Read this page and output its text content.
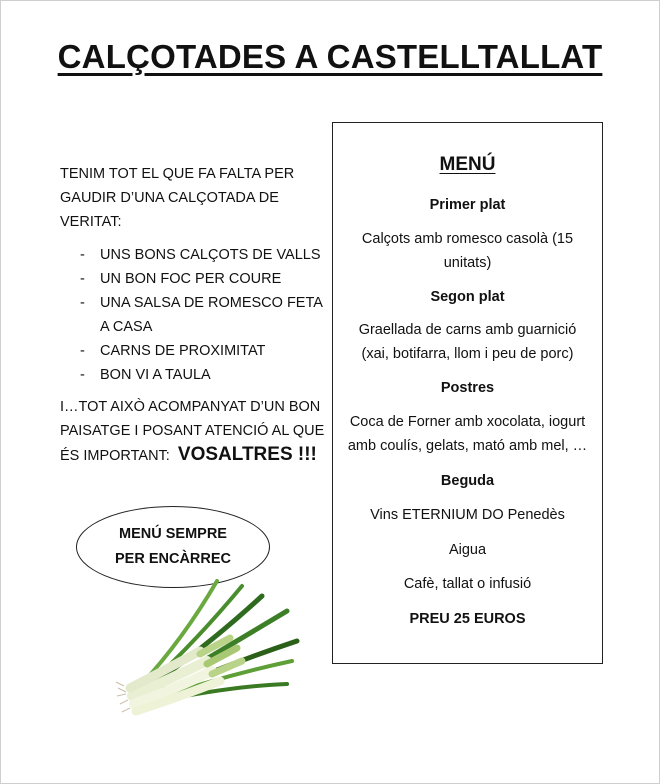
CALÇOTADES A CASTELLTALLAT
TENIM TOT EL QUE FA FALTA PER
GAUDIR D’UNA CALÇOTADA DE
VERITAT:
- UNS BONS CALÇOTS DE VALLS
- UN BON FOC PER COURE
- UNA SALSA DE ROMESCO FETA
A CASA
- CARNS DE PROXIMITAT
- BON VI A TAULA
I…TOT AIXÒ ACOMPANYAT D’UN BON
PAISATGE I POSANT ATENCIÓ AL QUE
ÉS IMPORTANT: VOSALTRES !!!
MENÚ SEMPRE
PER ENCÀRREC
MENÚ
Primer plat
Calçots amb romesco casolà (15
unitats)
Segon plat
Graellada de carns amb guarnició
(xai, botifarra, llom i peu de porc)
Postres
Coca de Forner amb xocolata, iogurt
amb coulís, gelats, mató amb mel, …
Beguda
Vins ETERNIUM DO Penedès
Aigua
Cafè, tallat o infusió
PREU 25 EUROS
